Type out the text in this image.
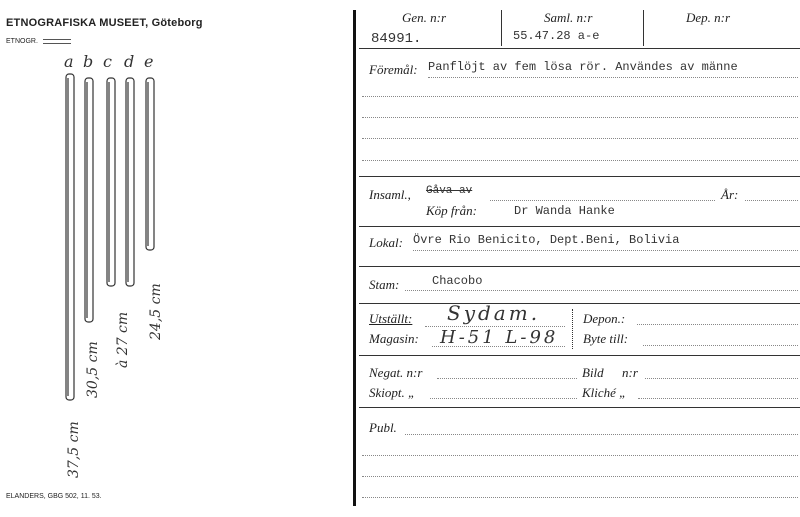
ETNOGRAFISKA MUSEET, Göteborg
ETNOGR.
a b c d e
37,5 cm
30,5 cm
à 27 cm 24,5 cm
ELANDERS, GBG 502, 11. 53.
Gen. n:r
84991.
Saml. n:r
55.47.28 a-e
Dep. n:r
Föremål: Panflöjt av fem lösa rör. Användes av männe
Insaml., Gåva av	År:
Köp från:	Dr Wanda Hanke
Lokal: Övre Rio Benicito, Dept.Beni, Bolivia
Stam:	Chacobo
Utställt: Sydam.
Magasin: H-51 L-98
Depon.:
Byte till:
Negat. n:r	Bild n:r
Skiopt. „	Kliché „
Publ.
